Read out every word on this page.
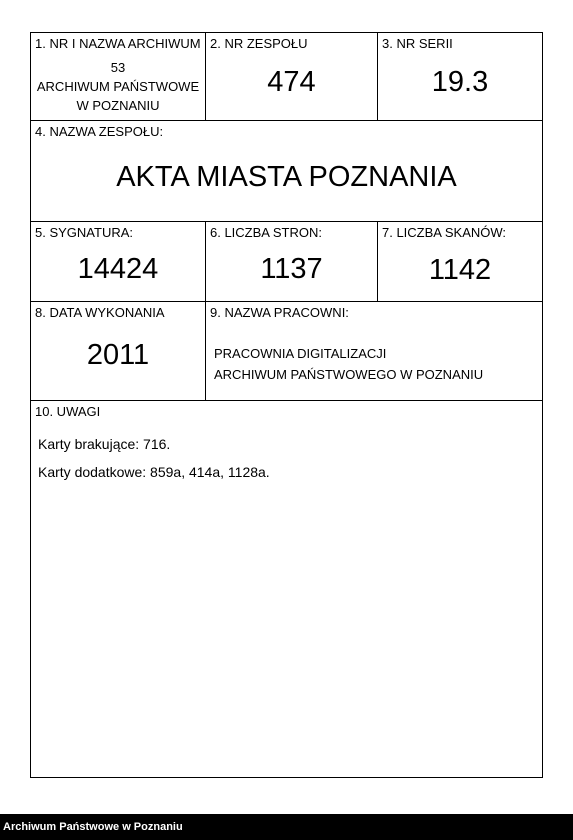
1. NR I NAZWA ARCHIWUM
53
ARCHIWUM PAŃSTWOWE
W POZNANIU
2. NR ZESPOŁU
474
3. NR SERII
19.3
4. NAZWA ZESPOŁU:
AKTA MIASTA POZNANIA
5. SYGNATURA:
14424
6. LICZBA STRON:
1137
7. LICZBA SKANÓW:
1142
8. DATA WYKONANIA
2011
9. NAZWA PRACOWNI:
PRACOWNIA DIGITALIZACJI
ARCHIWUM PAŃSTWOWEGO W POZNANIU
10. UWAGI
Karty brakujące: 716.
Karty dodatkowe: 859a, 414a, 1128a.
Archiwum Państwowe w Poznaniu
